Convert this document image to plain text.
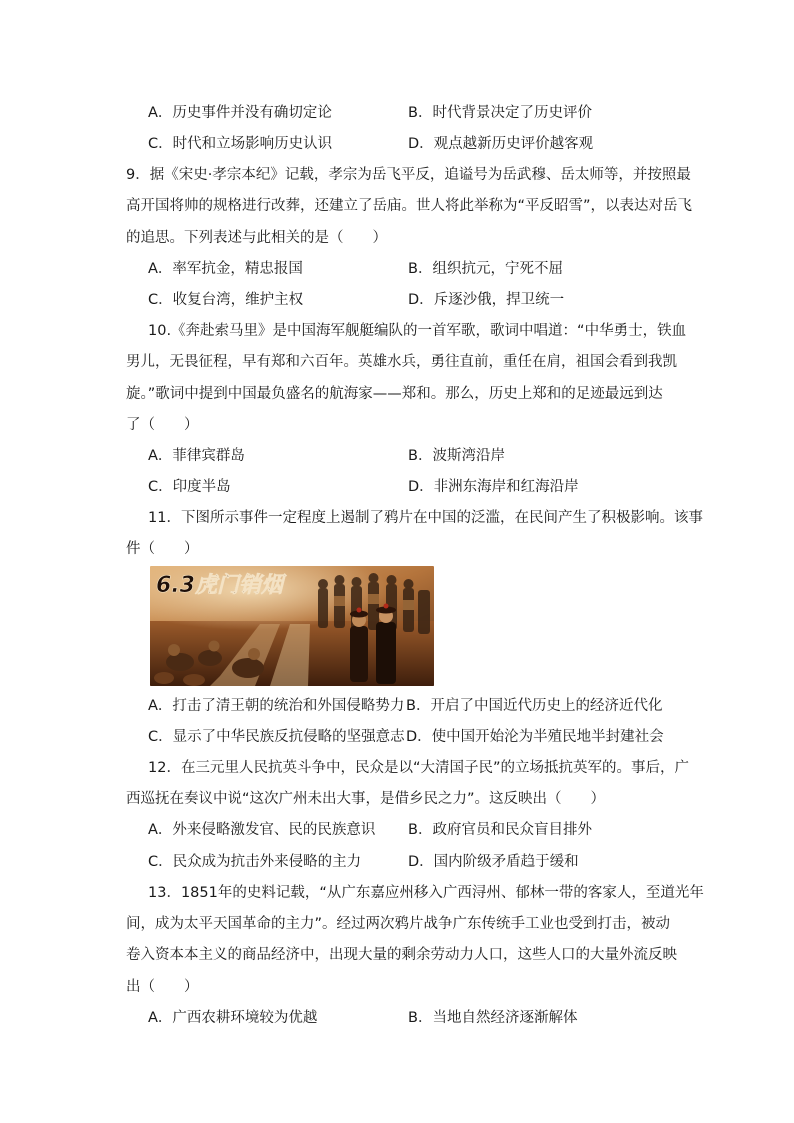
A．历史事件并没有确切定论	B．时代背景决定了历史评价
C．时代和立场影响历史认识	D．观点越新历史评价越客观
9．据《宋史·孝宗本纪》记载，孝宗为岳飞平反，追谥号为岳武穆、岳太师等，并按照最
高开国将帅的规格进行改葬，还建立了岳庙。世人将此举称为“平反昭雪”，以表达对岳飞
的追思。下列表述与此相关的是（　　）
A．率军抗金，精忠报国	B．组织抗元，宁死不屈
C．收复台湾，维护主权	D．斥逐沙俄，捍卫统一
10.《奔赴索马里》是中国海军舰艇编队的一首军歌，歌词中唱道：“中华勇士，铁血
男儿，无畏征程，早有郑和六百年。英雄水兵，勇往直前，重任在肩，祖国会看到我凯
旋。”歌词中提到中国最负盛名的航海家——郑和。那么，历史上郑和的足迹最远到达
了（　　）
A．菲律宾群岛	B．波斯湾沿岸
C．印度半岛	D．非洲东海岸和红海沿岸
11．下图所示事件一定程度上遏制了鸦片在中国的泛滥，在民间产生了积极影响。该事
件（　　）
6.3虎门销烟
A．打击了清王朝的统治和外国侵略势力 B．开启了中国近代历史上的经济近代化
C．显示了中华民族反抗侵略的坚强意志 D．使中国开始沦为半殖民地半封建社会
12．在三元里人民抗英斗争中，民众是以“大清国子民”的立场抵抗英军的。事后，广
西巡抚在奏议中说“这次广州未出大事，是借乡民之力”。这反映出（　　）
A．外来侵略激发官、民的民族意识 B．政府官员和民众盲目排外
C．民众成为抗击外来侵略的主力	D．国内阶级矛盾趋于缓和
13．1851年的史料记载，“从广东嘉应州移入广西浔州、郁林一带的客家人，至道光年
间，成为太平天国革命的主力”。经过两次鸦片战争广东传统手工业也受到打击，被动
卷入资本本主义的商品经济中，出现大量的剩余劳动力人口，这些人口的大量外流反映
出（　　）
A．广西农耕环境较为优越	B．当地自然经济逐渐解体
